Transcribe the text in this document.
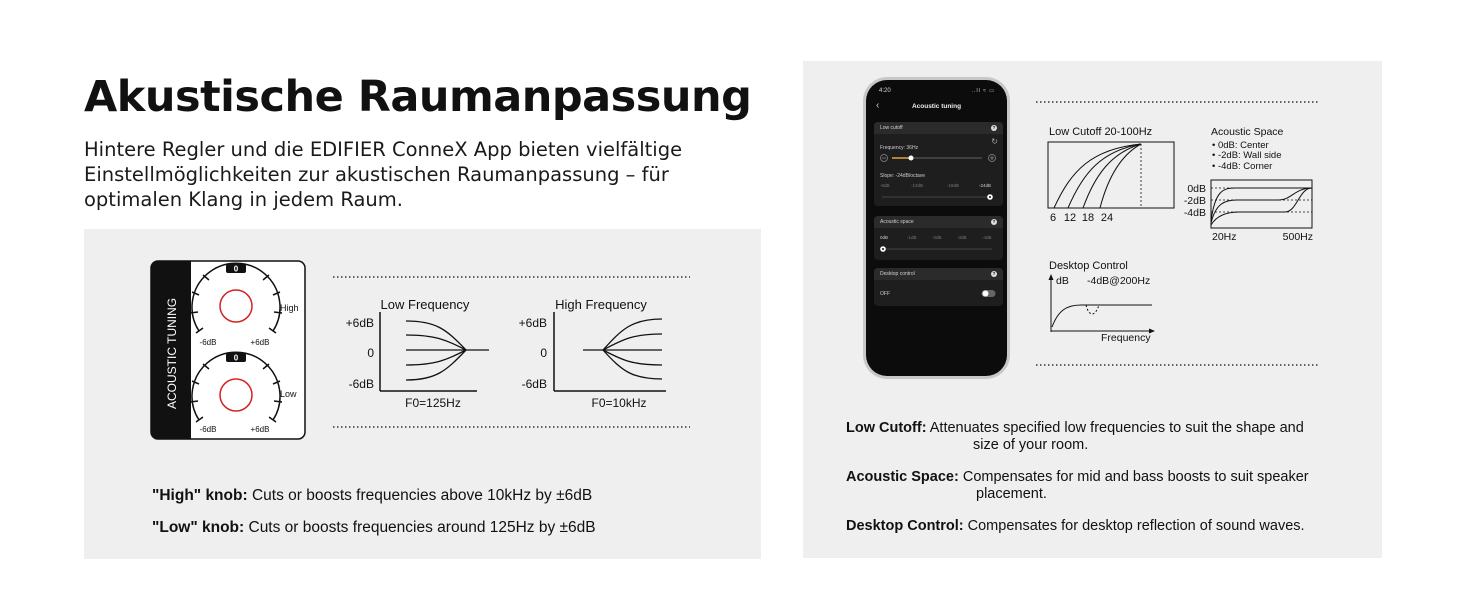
Akustische Raumanpassung
Hintere Regler und die EDIFIER ConneX App bieten vielfältige Einstellmöglichkeiten zur akustischen Raumanpassung – für optimalen Klang in jedem Raum.
ACOUSTIC TUNING
0
-6dB	+6dB
High
0
-6dB	+6dB
Low
Low Frequency
+6dB
0
-6dB
F0=125Hz
High Frequency
+6dB
0
-6dB
F0=10kHz
"High" knob: Cuts or boosts frequencies above 10kHz by ±6dB
"Low" knob: Cuts or boosts frequencies around 125Hz by ±6dB
4:20	..ll ≈ ▭
‹	Acoustic tuning
Low cutoff	?
Frequency: 36Hz
↻
Slope: -24dB/octave
-6dB	-12dB	-18dB	-24dB
Acoustic space	?
0dB	-1dB	-2dB	-3dB	-4dB
Desktop control	?
OFF
Low Cutoff 20-100Hz
6 12 18 24
Acoustic Space
• 0dB: Center
• -2dB: Wall side
• -4dB: Corner
0dB
-2dB
-4dB
20Hz	500Hz
Desktop Control
dB -4dB@200Hz
Frequency
Low Cutoff: Attenuates specified low frequencies to suit the shape and
size of your room.
Acoustic Space: Compensates for mid and bass boosts to suit speaker
placement.
Desktop Control: Compensates for desktop reflection of sound waves.
